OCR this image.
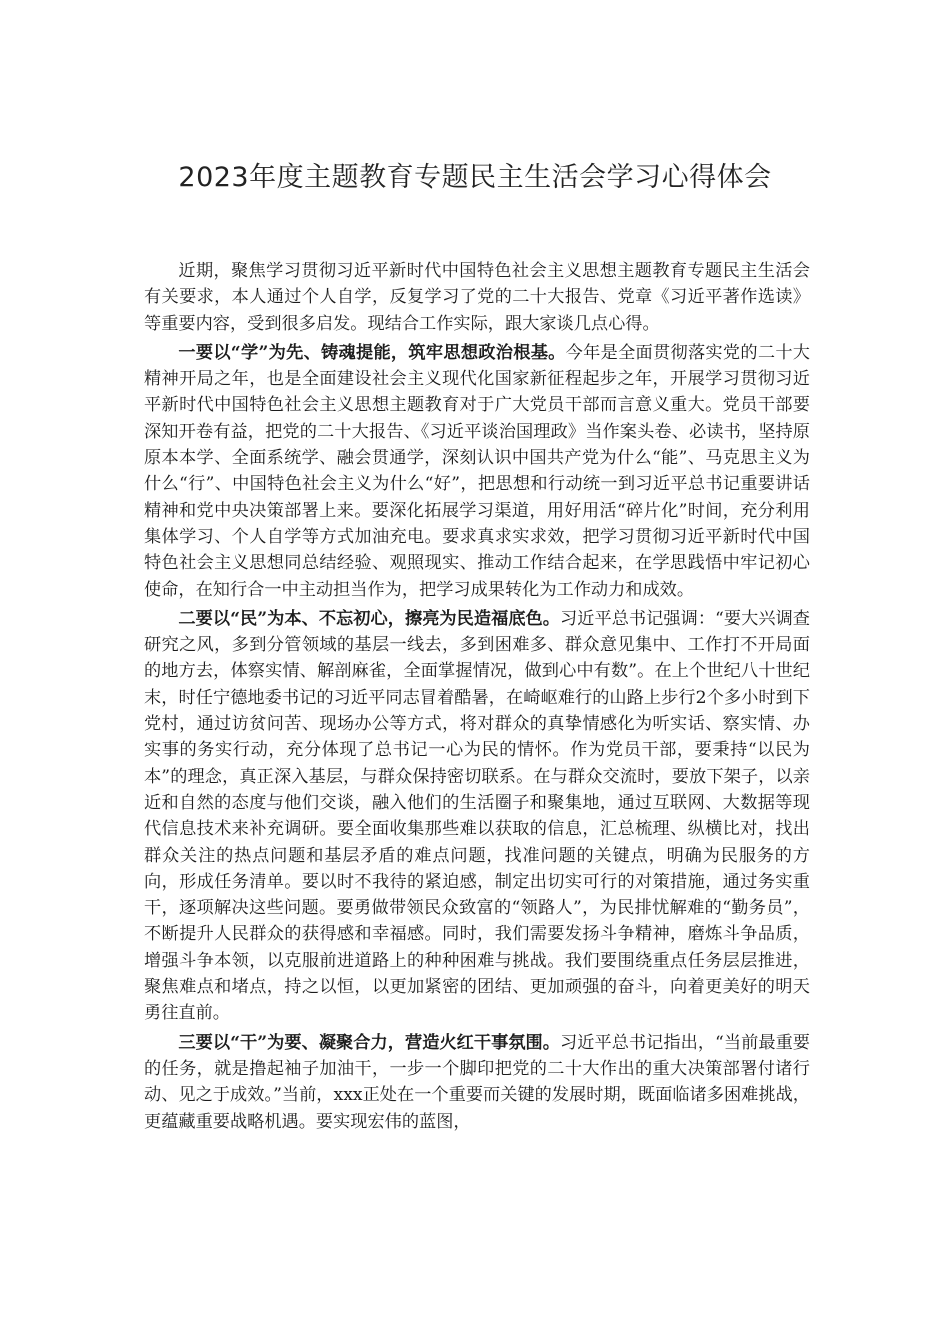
2023年度主题教育专题民主生活会学习心得体会

近期，聚焦学习贯彻习近平新时代中国特色社会主义思想主题教育专题民主生活会有关要求，本人通过个人自学，反复学习了党的二十大报告、党章《习近平著作选读》等重要内容，受到很多启发。现结合工作实际，跟大家谈几点心得。

一要以“学”为先、铸魂提能，筑牢思想政治根基。今年是全面贯彻落实党的二十大精神开局之年，也是全面建设社会主义现代化国家新征程起步之年，开展学习贯彻习近平新时代中国特色社会主义思想主题教育对于广大党员干部而言意义重大。党员干部要深知开卷有益，把党的二十大报告、《习近平谈治国理政》当作案头卷、必读书，坚持原原本本学、全面系统学、融会贯通学，深刻认识中国共产党为什么“能”、马克思主义为什么“行”、中国特色社会主义为什么“好”，把思想和行动统一到习近平总书记重要讲话精神和党中央决策部署上来。要深化拓展学习渠道，用好用活“碎片化”时间，充分利用集体学习、个人自学等方式加油充电。要求真求实求效，把学习贯彻习近平新时代中国特色社会主义思想同总结经验、观照现实、推动工作结合起来，在学思践悟中牢记初心使命，在知行合一中主动担当作为，把学习成果转化为工作动力和成效。

二要以“民”为本、不忘初心，擦亮为民造福底色。习近平总书记强调：“要大兴调查研究之风，多到分管领域的基层一线去，多到困难多、群众意见集中、工作打不开局面的地方去，体察实情、解剖麻雀，全面掌握情况，做到心中有数”。在上个世纪八十世纪末，时任宁德地委书记的习近平同志冒着酷暑，在崎岖难行的山路上步行2个多小时到下党村，通过访贫问苦、现场办公等方式，将对群众的真挚情感化为听实话、察实情、办实事的务实行动，充分体现了总书记一心为民的情怀。作为党员干部，要秉持“以民为本”的理念，真正深入基层，与群众保持密切联系。在与群众交流时，要放下架子，以亲近和自然的态度与他们交谈，融入他们的生活圈子和聚集地，通过互联网、大数据等现代信息技术来补充调研。要全面收集那些难以获取的信息，汇总梳理、纵横比对，找出群众关注的热点问题和基层矛盾的难点问题，找准问题的关键点，明确为民服务的方向，形成任务清单。要以时不我待的紧迫感，制定出切实可行的对策措施，通过务实重干，逐项解决这些问题。要勇做带领民众致富的“领路人”，为民排忧解难的“勤务员”，不断提升人民群众的获得感和幸福感。同时，我们需要发扬斗争精神，磨炼斗争品质，增强斗争本领，以克服前进道路上的种种困难与挑战。我们要围绕重点任务层层推进，聚焦难点和堵点，持之以恒，以更加紧密的团结、更加顽强的奋斗，向着更美好的明天勇往直前。

三要以“干”为要、凝聚合力，营造火红干事氛围。习近平总书记指出，“当前最重要的任务，就是撸起袖子加油干，一步一个脚印把党的二十大作出的重大决策部署付诸行动、见之于成效。”当前，xxx正处在一个重要而关键的发展时期，既面临诸多困难挑战，更蕴藏重要战略机遇。要实现宏伟的蓝图，
